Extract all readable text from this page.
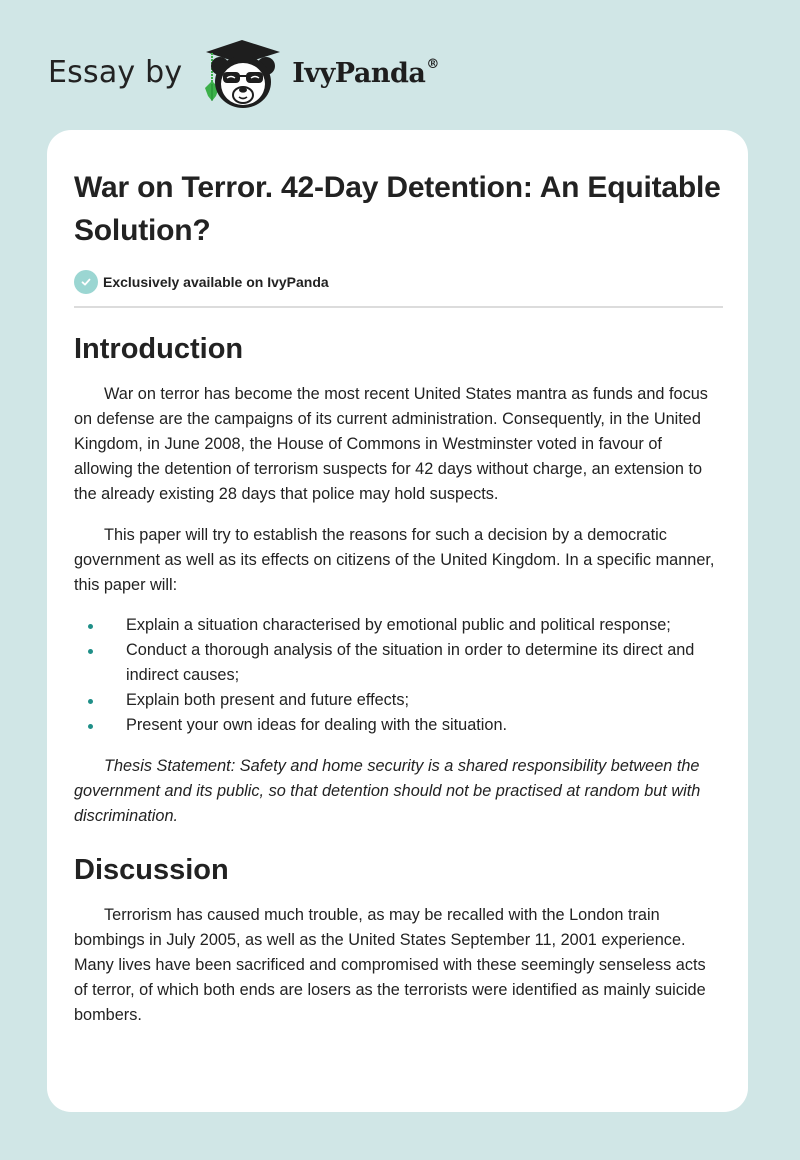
Essay by	IvyPanda®
War on Terror. 42-Day Detention: An Equitable Solution?
Exclusively available on IvyPanda
Introduction

War on terror has become the most recent United States mantra as funds and focus on defense are the campaigns of its current administration. Consequently, in the United Kingdom, in June 2008, the House of Commons in Westminster voted in favour of allowing the detention of terrorism suspects for 42 days without charge, an extension to the already existing 28 days that police may hold suspects.

This paper will try to establish the reasons for such a decision by a democratic government as well as its effects on citizens of the United Kingdom. In a specific manner, this paper will:

Explain a situation characterised by emotional public and political response;
Conduct a thorough analysis of the situation in order to determine its direct and indirect causes;
Explain both present and future effects;
Present your own ideas for dealing with the situation.

Thesis Statement: Safety and home security is a shared responsibility between the government and its public, so that detention should not be practised at random but with discrimination.

Discussion

Terrorism has caused much trouble, as may be recalled with the London train bombings in July 2005, as well as the United States September 11, 2001 experience. Many lives have been sacrificed and compromised with these seemingly senseless acts of terror, of which both ends are losers as the terrorists were identified as mainly suicide bombers.
